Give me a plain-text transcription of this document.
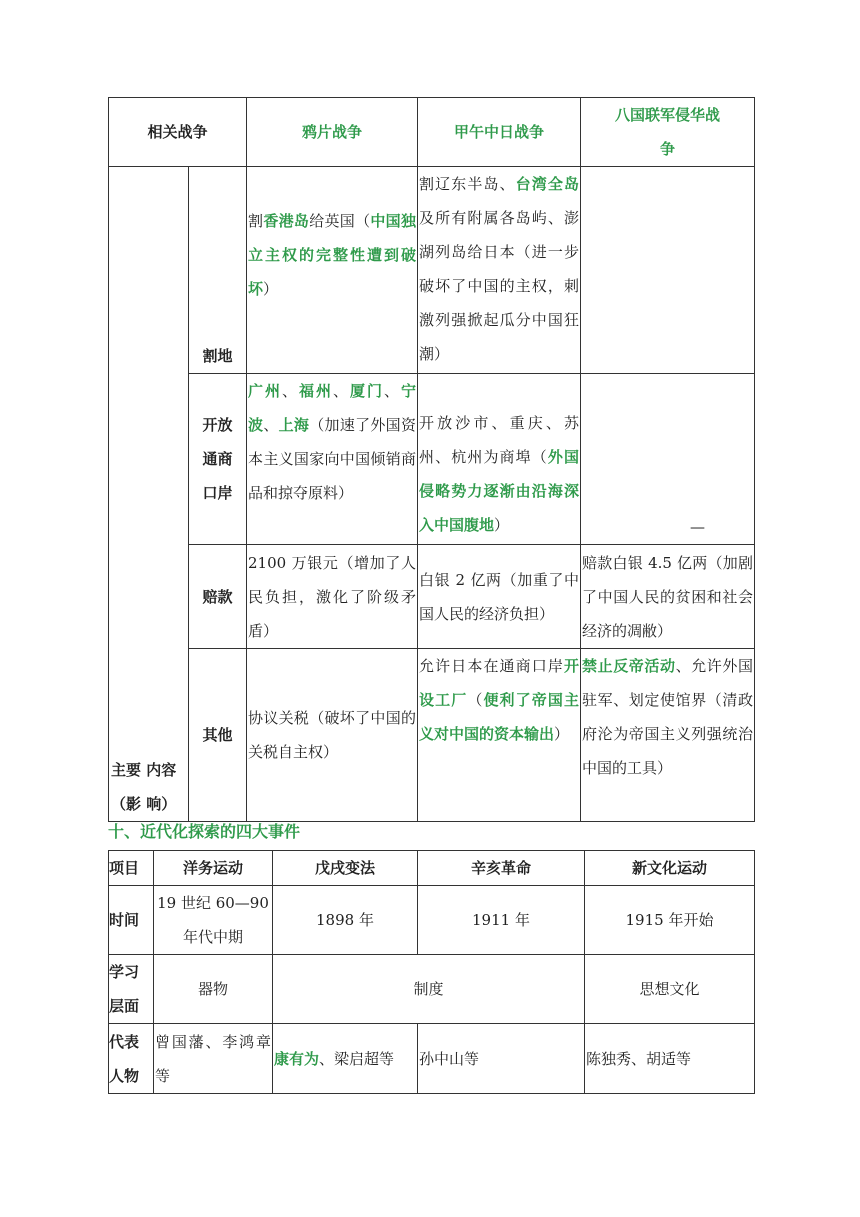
相关战争		鸦片战争	甲午中日战争	八国联军侵华战争
主要 内容（影 响）	割地	割香港岛给英国（中国独立主权的完整性遭到破坏）	割辽东半岛、台湾全岛及所有附属各岛屿、澎湖列岛给日本（进一步破坏了中国的主权，刺激列强掀起瓜分中国狂潮）	
	开放通商口岸	广州、福州、厦门、宁波、上海（加速了外国资本主义国家向中国倾销商品和掠夺原料）	开放沙市、重庆、苏州、杭州为商埠（外国侵略势力逐渐由沿海深入中国腹地）	—
	赔款	2100 万银元（增加了人民负担，激化了阶级矛盾）	白银 2 亿两（加重了中国人民的经济负担）	赔款白银 4.5 亿两（加剧了中国人民的贫困和社会经济的凋敝）
	其他	协议关税（破坏了中国的关税自主权）	允许日本在通商口岸开设工厂（便利了帝国主义对中国的资本输出）	禁止反帝活动、允许外国驻军、划定使馆界（清政府沦为帝国主义列强统治中国的工具）
十、近代化探索的四大事件
项目	洋务运动	戊戌变法	辛亥革命	新文化运动
时间	19 世纪 60—90 年代中期	1898 年	1911 年	1915 年开始
学习层面	器物	制度		思想文化
代表人物	曾国藩、李鸿章等	康有为、梁启超等	孙中山等	陈独秀、胡适等
